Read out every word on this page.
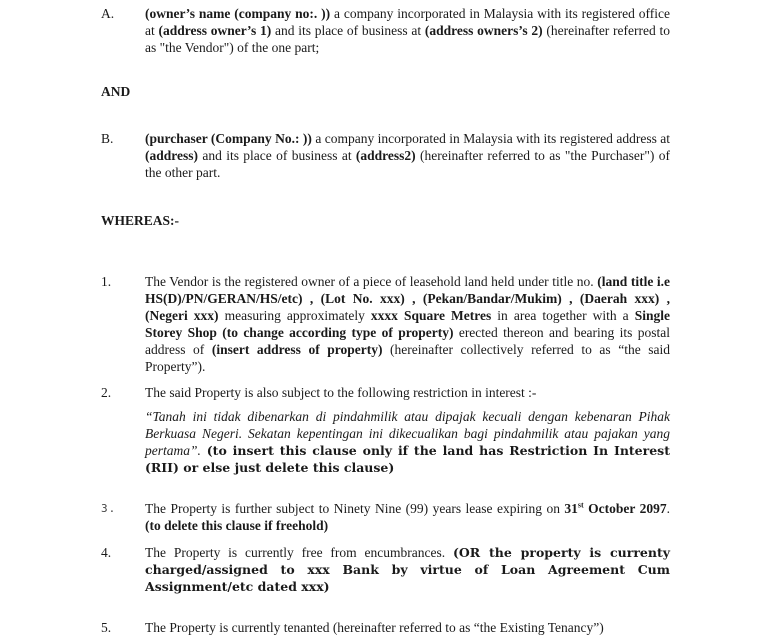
A. (owner’s name (company no:. )) a company incorporated in Malaysia with its registered office at (address owner’s 1) and its place of business at (address owners’s 2) (hereinafter referred to as "the Vendor") of the one part;
AND
B. (purchaser (Company No.: )) a company incorporated in Malaysia with its registered address at (address) and its place of business at (address2) (hereinafter referred to as "the Purchaser") of the other part.
WHEREAS:-
1.	The Vendor is the registered owner of a piece of leasehold land held under title no. (land title i.e HS(D)/PN/GERAN/HS/etc) , (Lot No. xxx) , (Pekan/Bandar/Mukim) , (Daerah xxx) , (Negeri xxx) measuring approximately xxxx Square Metres in area together with a Single Storey Shop (to change according type of property) erected thereon and bearing its postal address of (insert address of property) (hereinafter collectively referred to as “the said Property”).
2.	The said Property is also subject to the following restriction in interest :-
“Tanah ini tidak dibenarkan di pindahmilik atau dipajak kecuali dengan kebenaran Pihak Berkuasa Negeri. Sekatan kepentingan ini dikecualikan bagi pindahmilik atau pajakan yang pertama”. (to insert this clause only if the land has Restriction In Interest (RII) or else just delete this clause)
3. The Property is further subject to Ninety Nine (99) years lease expiring on 31st October 2097. (to delete this clause if freehold)
4.	The Property is currently free from encumbrances. (OR the property is currenty charged/assigned to xxx Bank by virtue of Loan Agreement Cum Assignment/etc dated xxx)
5.	The Property is currently tenanted (hereinafter referred to as “the Existing Tenancy”)
